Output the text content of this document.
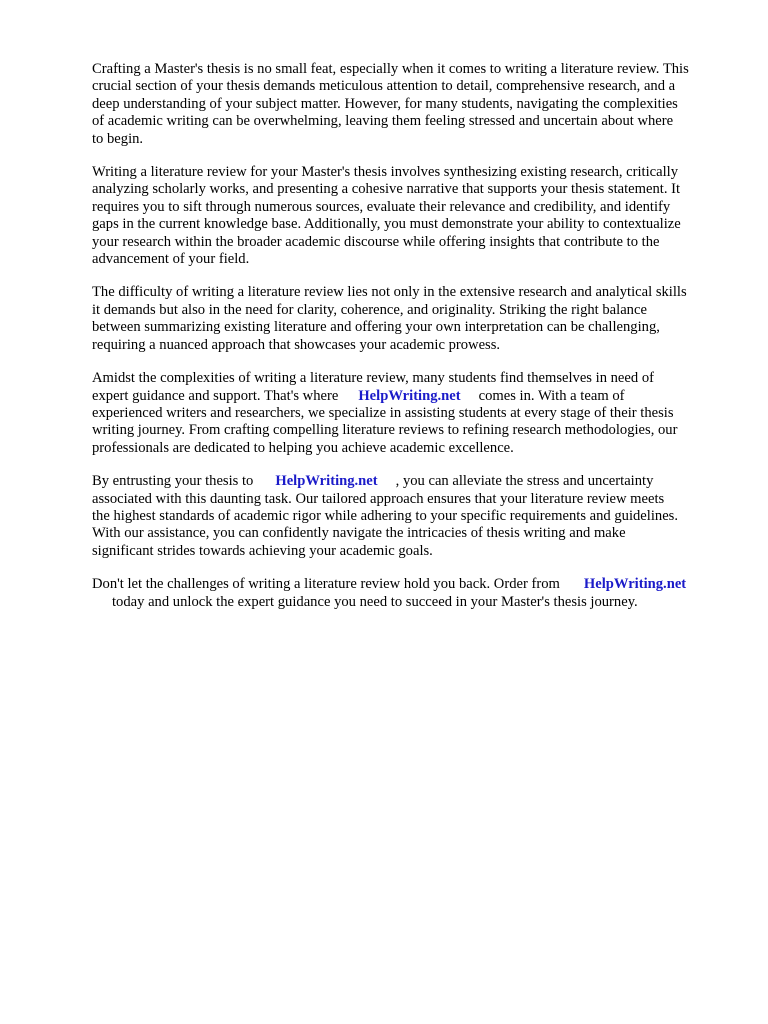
Crafting a Master's thesis is no small feat, especially when it comes to writing a literature review. This
crucial section of your thesis demands meticulous attention to detail, comprehensive research, and a
deep understanding of your subject matter. However, for many students, navigating the complexities
of academic writing can be overwhelming, leaving them feeling stressed and uncertain about where
to begin.

Writing a literature review for your Master's thesis involves synthesizing existing research, critically
analyzing scholarly works, and presenting a cohesive narrative that supports your thesis statement. It
requires you to sift through numerous sources, evaluate their relevance and credibility, and identify
gaps in the current knowledge base. Additionally, you must demonstrate your ability to contextualize
your research within the broader academic discourse while offering insights that contribute to the
advancement of your field.

The difficulty of writing a literature review lies not only in the extensive research and analytical skills
it demands but also in the need for clarity, coherence, and originality. Striking the right balance
between summarizing existing literature and offering your own interpretation can be challenging,
requiring a nuanced approach that showcases your academic prowess.

Amidst the complexities of writing a literature review, many students find themselves in need of
expert guidance and support. That's where HelpWriting.net comes in. With a team of
experienced writers and researchers, we specialize in assisting students at every stage of their thesis
writing journey. From crafting compelling literature reviews to refining research methodologies, our
professionals are dedicated to helping you achieve academic excellence.

By entrusting your thesis to HelpWriting.net , you can alleviate the stress and uncertainty
associated with this daunting task. Our tailored approach ensures that your literature review meets
the highest standards of academic rigor while adhering to your specific requirements and guidelines.
With our assistance, you can confidently navigate the intricacies of thesis writing and make
significant strides towards achieving your academic goals.

Don't let the challenges of writing a literature review hold you back. Order from HelpWriting.net
today and unlock the expert guidance you need to succeed in your Master's thesis journey.
